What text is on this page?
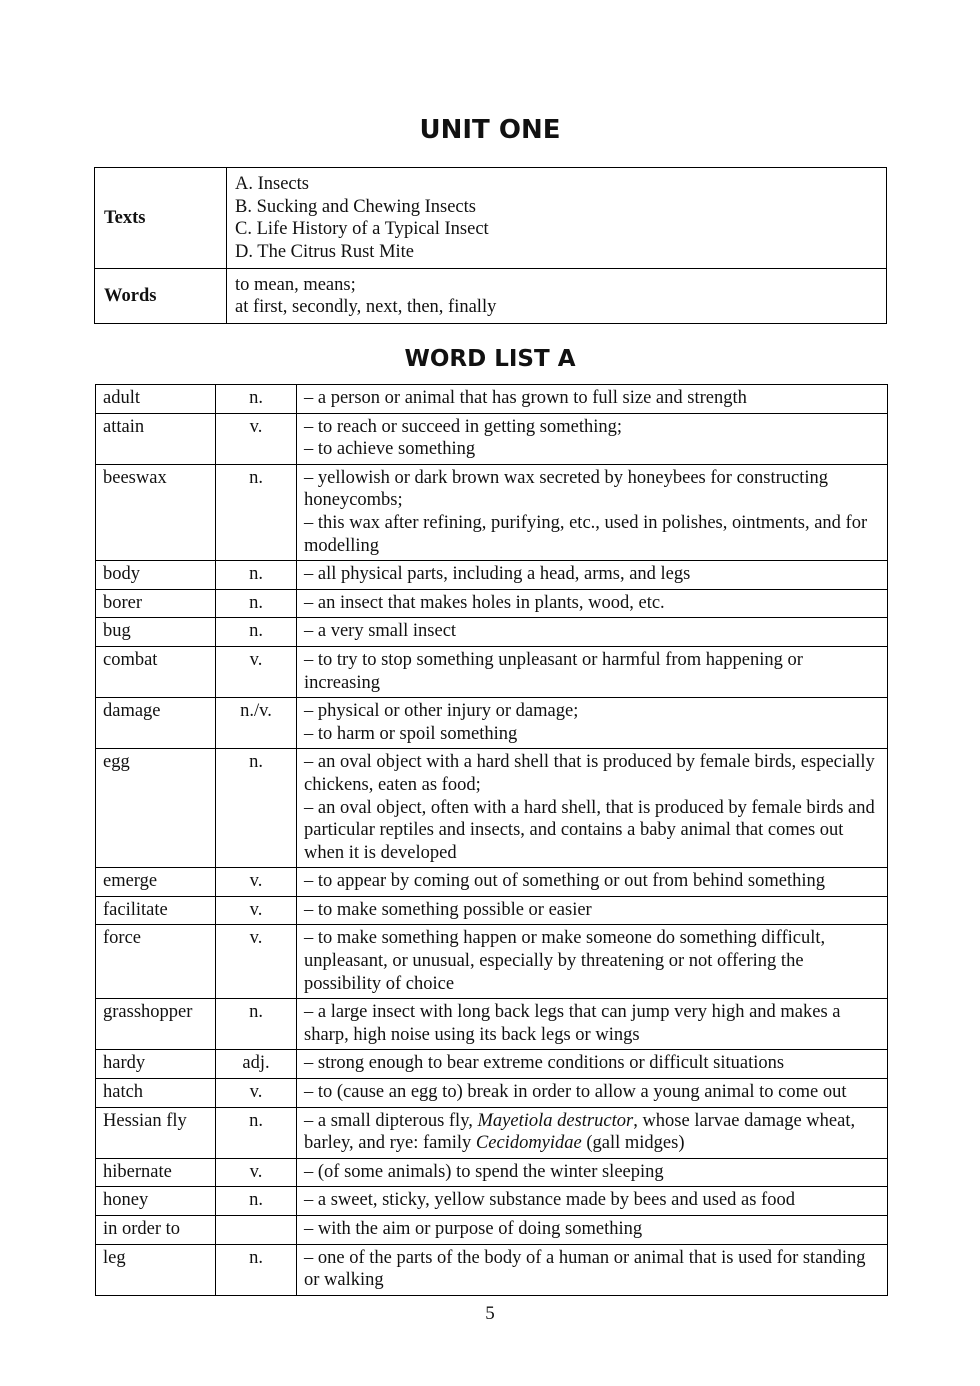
UNIT ONE
Texts	A. Insects
B. Sucking and Chewing Insects
C. Life History of a Typical Insect
D. The Citrus Rust Mite

Words	to mean, means;
at first, secondly, next, then, finally
WORD LIST A
adult	n.	– a person or animal that has grown to full size and strength

attain	v.	– to reach or succeed in getting something;
– to achieve something

beeswax	n.	– yellowish or dark brown wax secreted by honeybees for constructing honeycombs;
– this wax after refining, purifying, etc., used in polishes, ointments, and for modelling

body	n.	– all physical parts, including a head, arms, and legs

borer	n.	– an insect that makes holes in plants, wood, etc.

bug	n.	– a very small insect

combat	v.	– to try to stop something unpleasant or harmful from happening or increasing

damage	n./v.	– physical or other injury or damage;
– to harm or spoil something

egg	n.	– an oval object with a hard shell that is produced by female birds, especially chickens, eaten as food;
– an oval object, often with a hard shell, that is produced by female birds and particular reptiles and insects, and contains a baby animal that comes out when it is developed

emerge	v.	– to appear by coming out of something or out from behind something

facilitate	v.	– to make something possible or easier

force	v.	– to make something happen or make someone do something difficult, unpleasant, or unusual, especially by threatening or not offering the possibility of choice

grasshopper	n.	– a large insect with long back legs that can jump very high and makes a sharp, high noise using its back legs or wings

hardy	adj.	– strong enough to bear extreme conditions or difficult situations

hatch	v.	– to (cause an egg to) break in order to allow a young animal to come out

Hessian fly	n.	– a small dipterous fly, Mayetiola destructor, whose larvae damage wheat, barley, and rye: family Cecidomyidae (gall midges)

hibernate	v.	– (of some animals) to spend the winter sleeping

honey	n.	– a sweet, sticky, yellow substance made by bees and used as food

in order to		– with the aim or purpose of doing something

leg	n.	– one of the parts of the body of a human or animal that is used for standing or walking
5
